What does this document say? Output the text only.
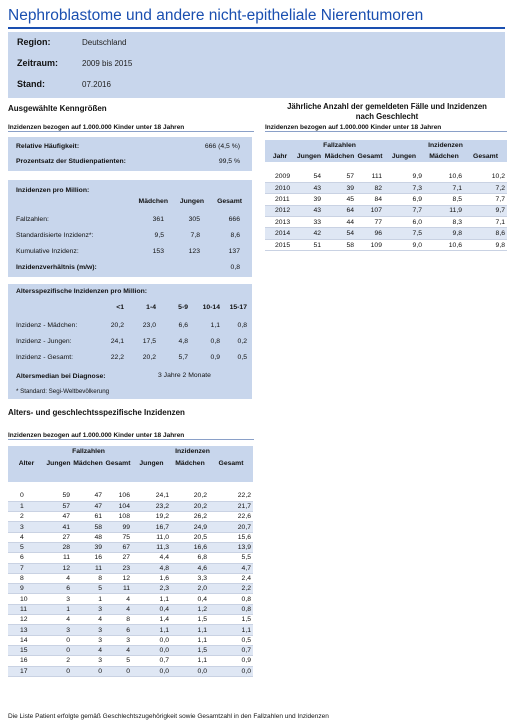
Nephroblastome und andere nicht-epitheliale Nierentumoren
Region:	Deutschland
Zeitraum:	2009 bis 2015
Stand:	07.2016
Ausgewählte Kenngrößen
Inzidenzen bezogen auf 1.000.000 Kinder unter 18 Jahren
Relative Häufigkeit:	666 (4,5 %)
Prozentsatz der Studienpatienten:	99,5 %
Inzidenzen pro Million:
Mädchen	Jungen	Gesamt
Fallzahlen:	361	305	666
Standardisierte Inzidenz*:	9,5	7,8	8,6
Kumulative Inzidenz:	153	123	137
Inzidenzverhältnis (m/w):	0,8
Altersspezifische Inzidenzen pro Million:
<1	1-4	5-9	10-14	15-17
Inzidenz - Mädchen:	20,2	23,0	6,6	1,1	0,8
Inzidenz - Jungen:	24,1	17,5	4,8	0,8	0,2
Inzidenz - Gesamt:	22,2	20,2	5,7	0,9	0,5
Altersmedian bei Diagnose:	3 Jahre 2 Monate
* Standard: Segi-Weltbevölkerung
Jährliche Anzahl der gemeldeten Fälle und Inzidenzen
nach Geschlecht
Inzidenzen bezogen auf 1.000.000 Kinder unter 18 Jahren
	Fallzahlen			Inzidenzen		
Jahr	Jungen	Mädchen	Gesamt	Jungen	Mädchen	Gesamt

2009	54	57	111	9,9	10,6	10,2
2010	43	39	82	7,3	7,1	7,2
2011	39	45	84	6,9	8,5	7,7
2012	43	64	107	7,7	11,9	9,7
2013	33	44	77	6,0	8,3	7,1
2014	42	54	96	7,5	9,8	8,6
2015	51	58	109	9,0	10,6	9,8
Alters- und geschlechtsspezifische Inzidenzen
Inzidenzen bezogen auf 1.000.000 Kinder unter 18 Jahren
	Fallzahlen			Inzidenzen		
Alter	Jungen	Mädchen	Gesamt	Jungen	Mädchen	Gesamt

0	59	47	106	24,1	20,2	22,2
1	57	47	104	23,2	20,2	21,7
2	47	61	108	19,2	26,2	22,6
3	41	58	99	16,7	24,9	20,7
4	27	48	75	11,0	20,5	15,6
5	28	39	67	11,3	16,6	13,9
6	11	16	27	4,4	6,8	5,5
7	12	11	23	4,8	4,6	4,7
8	4	8	12	1,6	3,3	2,4
9	6	5	11	2,3	2,0	2,2
10	3	1	4	1,1	0,4	0,8
11	1	3	4	0,4	1,2	0,8
12	4	4	8	1,4	1,5	1,5
13	3	3	6	1,1	1,1	1,1
14	0	3	3	0,0	1,1	0,5
15	0	4	4	0,0	1,5	0,7
16	2	3	5	0,7	1,1	0,9
17	0	0	0	0,0	0,0	0,0
Die Liste Patient erfolgte gemäß Geschlechtszugehörigkeit sowie Gesamtzahl in den Fallzahlen und Inzidenzen
